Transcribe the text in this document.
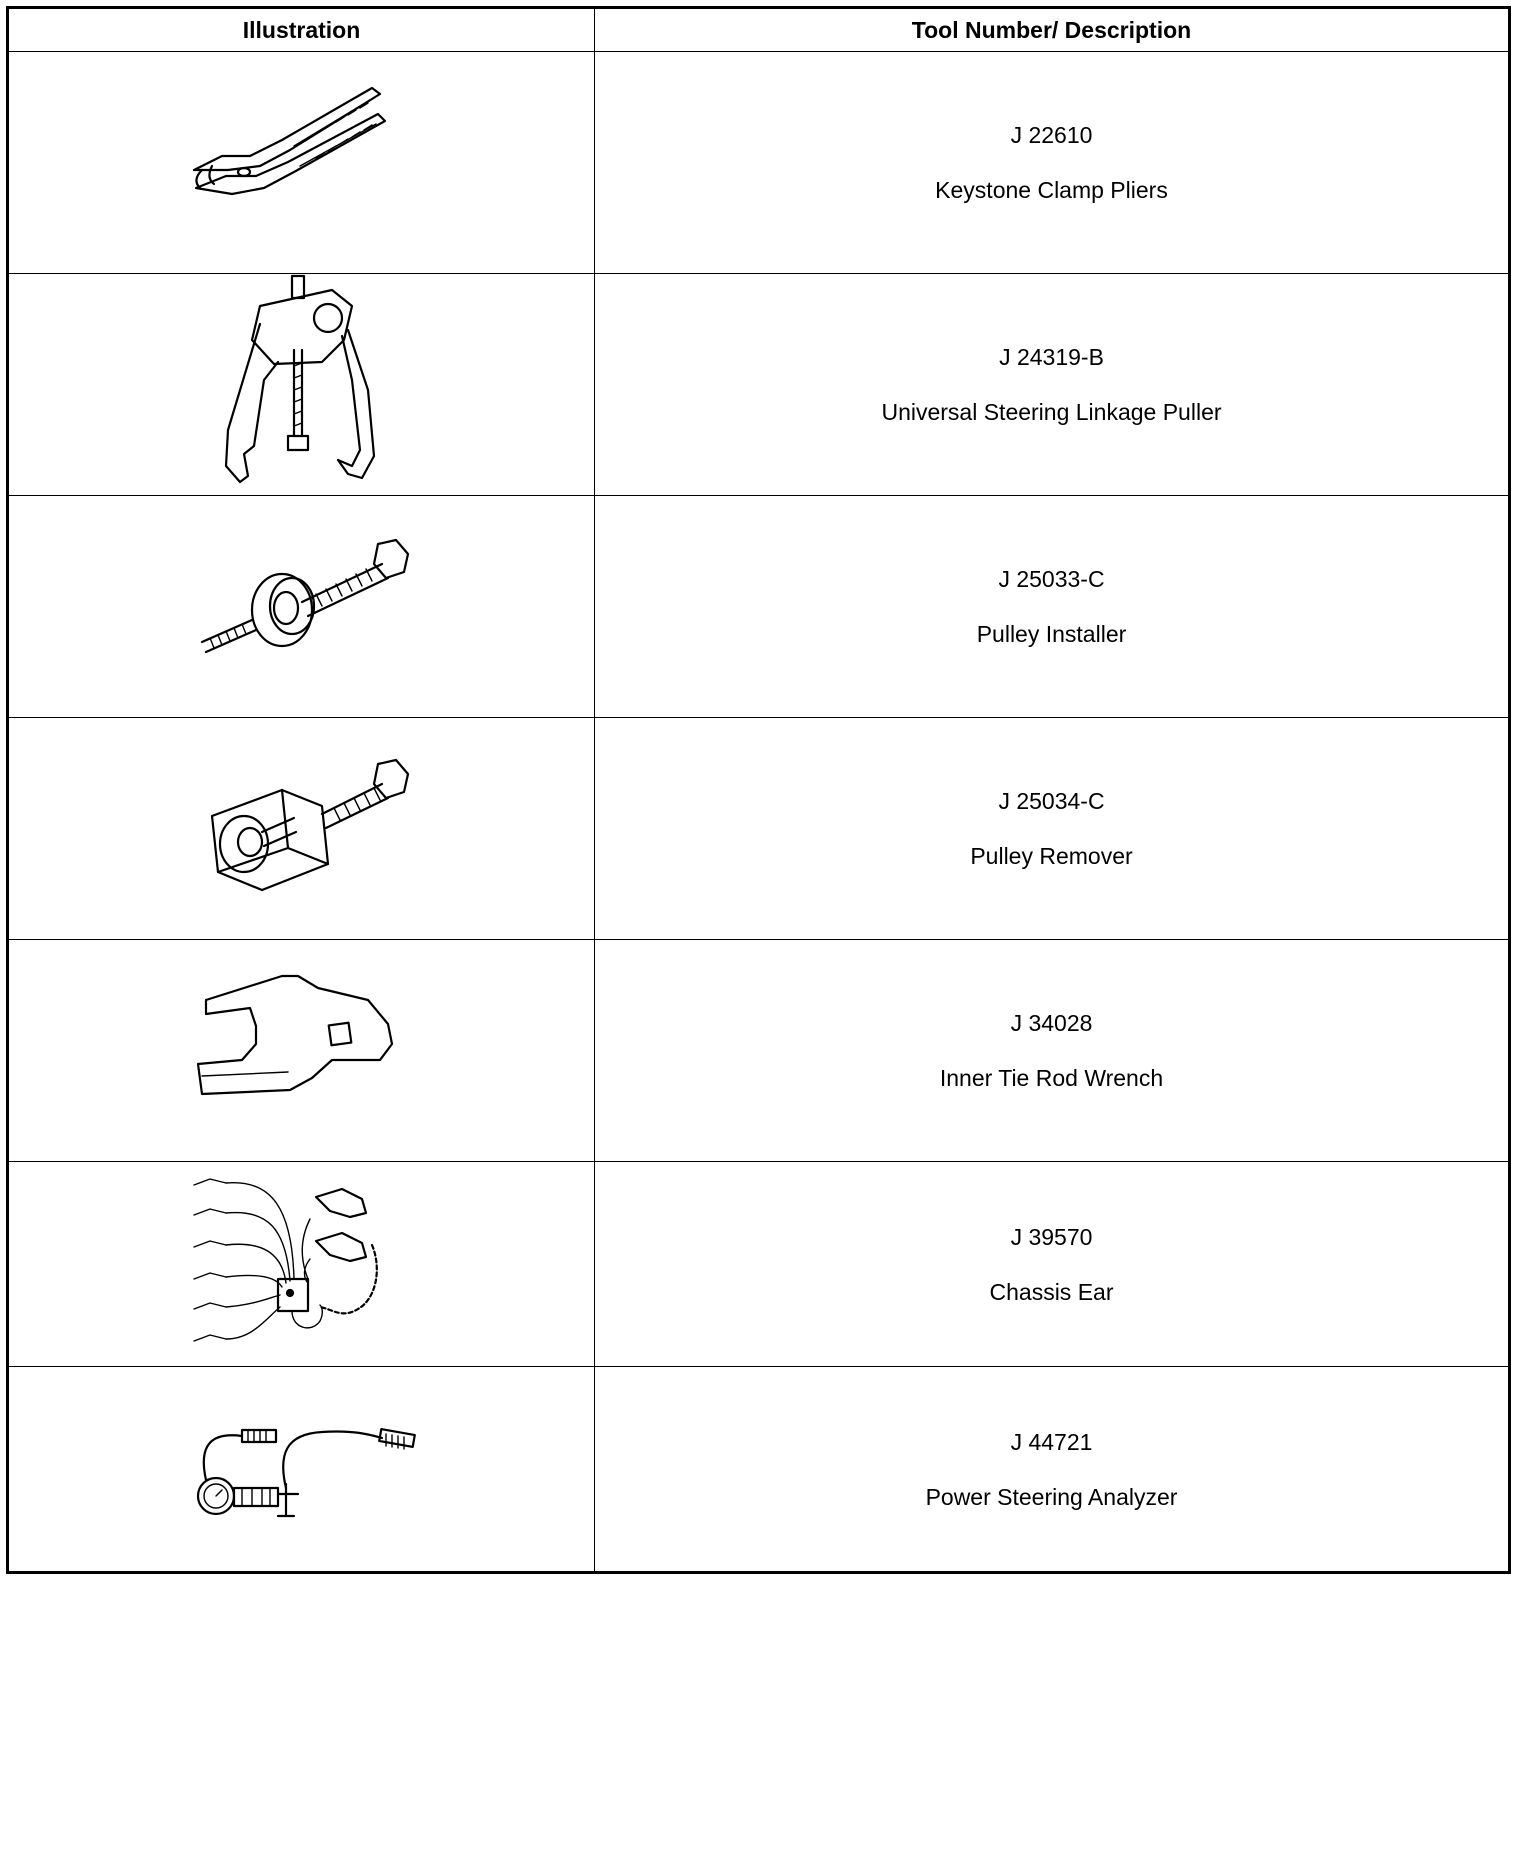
Illustration	Tool Number/ Description
J 22610
Keystone Clamp Pliers
J 24319-B
Universal Steering Linkage Puller
J 25033-C
Pulley Installer
J 25034-C
Pulley Remover
J 34028
Inner Tie Rod Wrench
J 39570
Chassis Ear
J 44721
Power Steering Analyzer
